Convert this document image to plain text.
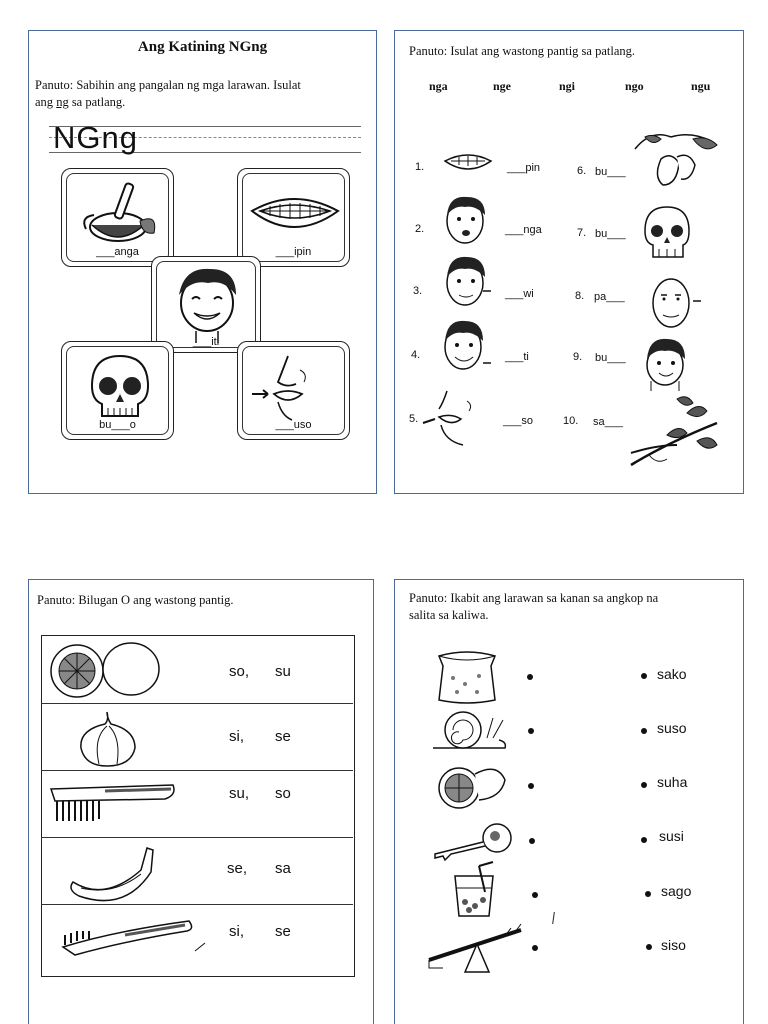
Ang Katining NGng
Panuto: Sabihin ang pangalan ng mga larawan. Isulat
ang ng sa patlang.
NGng
___anga	___ipin
___iti
bu___o	___uso
Panuto: Isulat ang wastong pantig sa patlang.
nga	nge	ngi	ngo	ngu
1.	___pin
2.	___nga
3.	___wi
4.	___ti
5.	___so
6. bu___
7. bu___
8. pa___
9. bu___
10. sa___
Panuto: Bilugan O ang wastong pantig.
so, su
si, se
su, so
se, sa
si, se
Panuto: Ikabit ang larawan sa kanan sa angkop na
salita sa kaliwa.
sako
suso
suha
susi
sago
siso
